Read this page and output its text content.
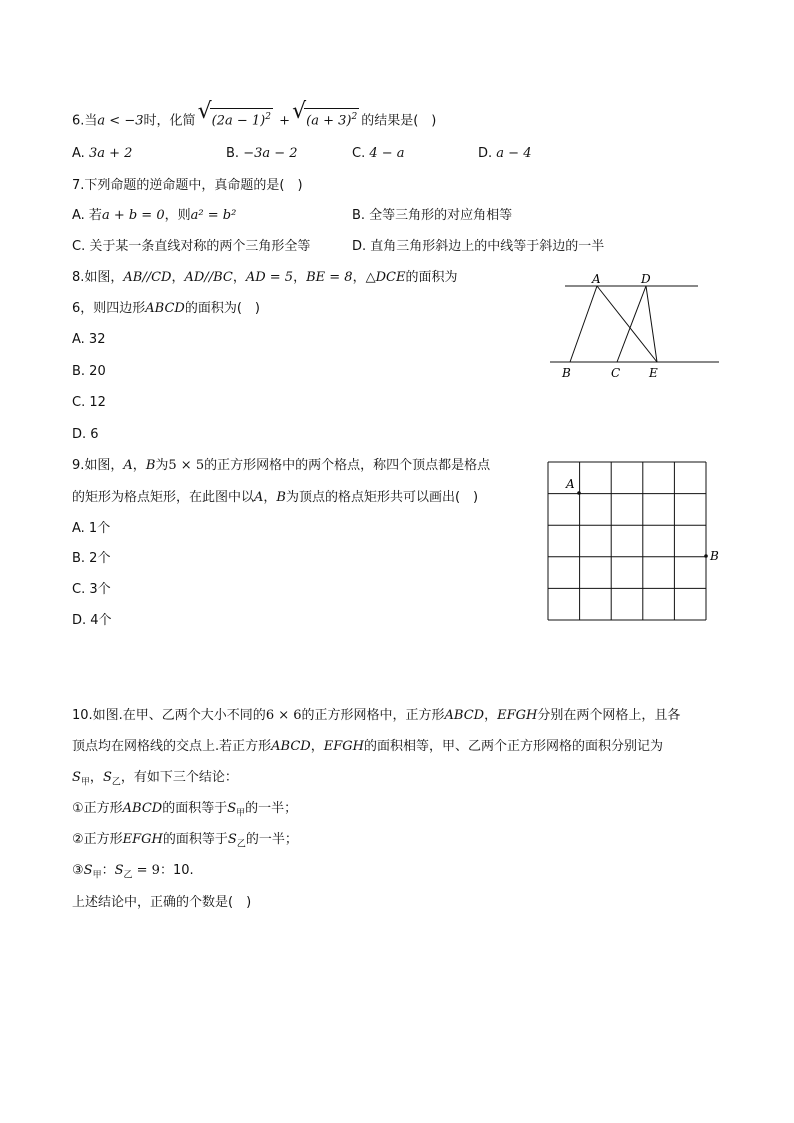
6.当a < −3时，化简 √ $(2a - 1)^2$ + √ $(a + 3)^2$ 的结果是(　)
A. 3a + 2	B. −3a − 2	C. 4 − a	D. a − 4
7.下列命题的逆命题中，真命题的是(　)
A. 若a + b = 0，则a² = b²	B. 全等三角形的对应角相等
C. 关于某一条直线对称的两个三角形全等	D. 直角三角形斜边上的中线等于斜边的一半
8.如图，AB//CD，AD//BC，AD = 5，BE = 8，△DCE的面积为
6，则四边形ABCD的面积为(　)
A. 32
B. 20
C. 12
D. 6
A	D
B	C E
9.如图，A，B为5 × 5的正方形网格中的两个格点，称四个顶点都是格点
的矩形为格点矩形，在此图中以A，B为顶点的格点矩形共可以画出(　)
A. 1个
B. 2个
C. 3个
D. 4个
A
B
10.如图.在甲、乙两个大小不同的6 × 6的正方形网格中，正方形ABCD，EFGH分别在两个网格上，且各
顶点均在网格线的交点上.若正方形ABCD，EFGH的面积相等，甲、乙两个正方形网格的面积分别记为
$S_甲$，$S_乙$，有如下三个结论：
①正方形ABCD的面积等于$S_甲$的一半；
②正方形EFGH的面积等于$S_乙$的一半；
$③S_甲$：$S_乙 = 9$：10.
上述结论中，正确的个数是(　)
